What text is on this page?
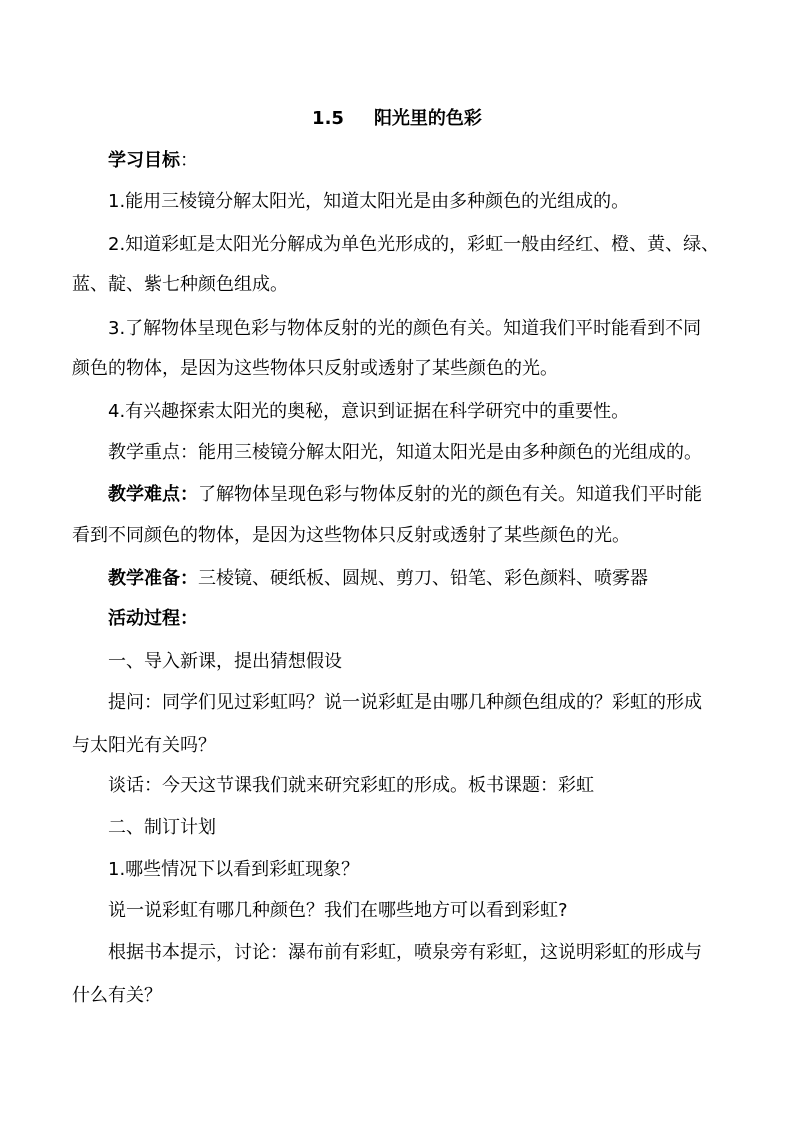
1.5 阳光里的色彩
学习目标：
1.能用三棱镜分解太阳光，知道太阳光是由多种颜色的光组成的。
2.知道彩虹是太阳光分解成为单色光形成的，彩虹一般由经红、橙、黄、绿、
蓝、靛、紫七种颜色组成。
3.了解物体呈现色彩与物体反射的光的颜色有关。知道我们平时能看到不同
颜色的物体，是因为这些物体只反射或透射了某些颜色的光。
4.有兴趣探索太阳光的奥秘，意识到证据在科学研究中的重要性。
教学重点：能用三棱镜分解太阳光，知道太阳光是由多种颜色的光组成的。
教学难点：了解物体呈现色彩与物体反射的光的颜色有关。知道我们平时能
看到不同颜色的物体，是因为这些物体只反射或透射了某些颜色的光。
教学准备：三棱镜、硬纸板、圆规、剪刀、铅笔、彩色颜料、喷雾器
活动过程：
一、导入新课，提出猜想假设
提问：同学们见过彩虹吗？说一说彩虹是由哪几种颜色组成的？彩虹的形成
与太阳光有关吗？
谈话：今天这节课我们就来研究彩虹的形成。板书课题：彩虹
二、制订计划
1.哪些情况下以看到彩虹现象？
说一说彩虹有哪几种颜色？我们在哪些地方可以看到彩虹?
根据书本提示，讨论：瀑布前有彩虹，喷泉旁有彩虹，这说明彩虹的形成与
什么有关？
